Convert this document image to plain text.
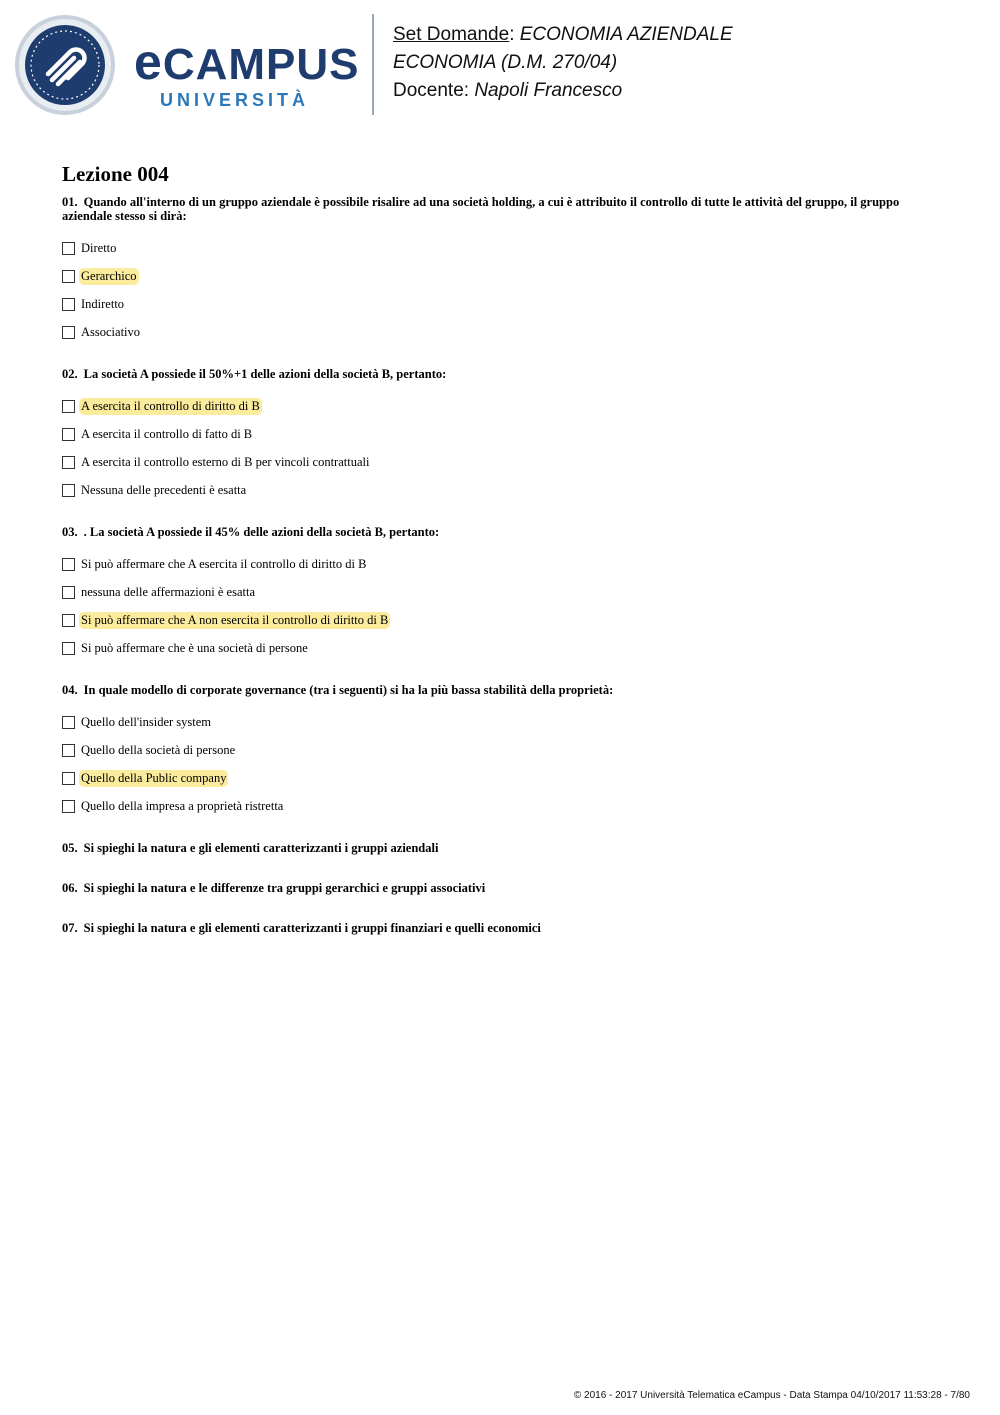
eCAMPUS
UNIVERSITÀ
Set Domande: ECONOMIA AZIENDALE
ECONOMIA (D.M. 270/04)
Docente: Napoli Francesco
Lezione 004
01. Quando all'interno di un gruppo aziendale è possibile risalire ad una società holding, a cui è attribuito il controllo di tutte le attività del gruppo, il gruppo aziendale stesso si dirà:
Diretto
Gerarchico
Indiretto
Associativo
02. La società A possiede il 50%+1 delle azioni della società B, pertanto:
A esercita il controllo di diritto di B
A esercita il controllo di fatto di B
A esercita il controllo esterno di B per vincoli contrattuali
Nessuna delle precedenti è esatta
03. . La società A possiede il 45% delle azioni della società B, pertanto:
Si può affermare che A esercita il controllo di diritto di B
nessuna delle affermazioni è esatta
Si può affermare che A non esercita il controllo di diritto di B
Si può affermare che è una società di persone
04. In quale modello di corporate governance (tra i seguenti) si ha la più bassa stabilità della proprietà:
Quello dell'insider system
Quello della società di persone
Quello della Public company
Quello della impresa a proprietà ristretta
05. Si spieghi la natura e gli elementi caratterizzanti i gruppi aziendali
06. Si spieghi la natura e le differenze tra gruppi gerarchici e gruppi associativi
07. Si spieghi la natura e gli elementi caratterizzanti i gruppi finanziari e quelli economici
© 2016 - 2017 Università Telematica eCampus - Data Stampa 04/10/2017 11:53:28 - 7/80
